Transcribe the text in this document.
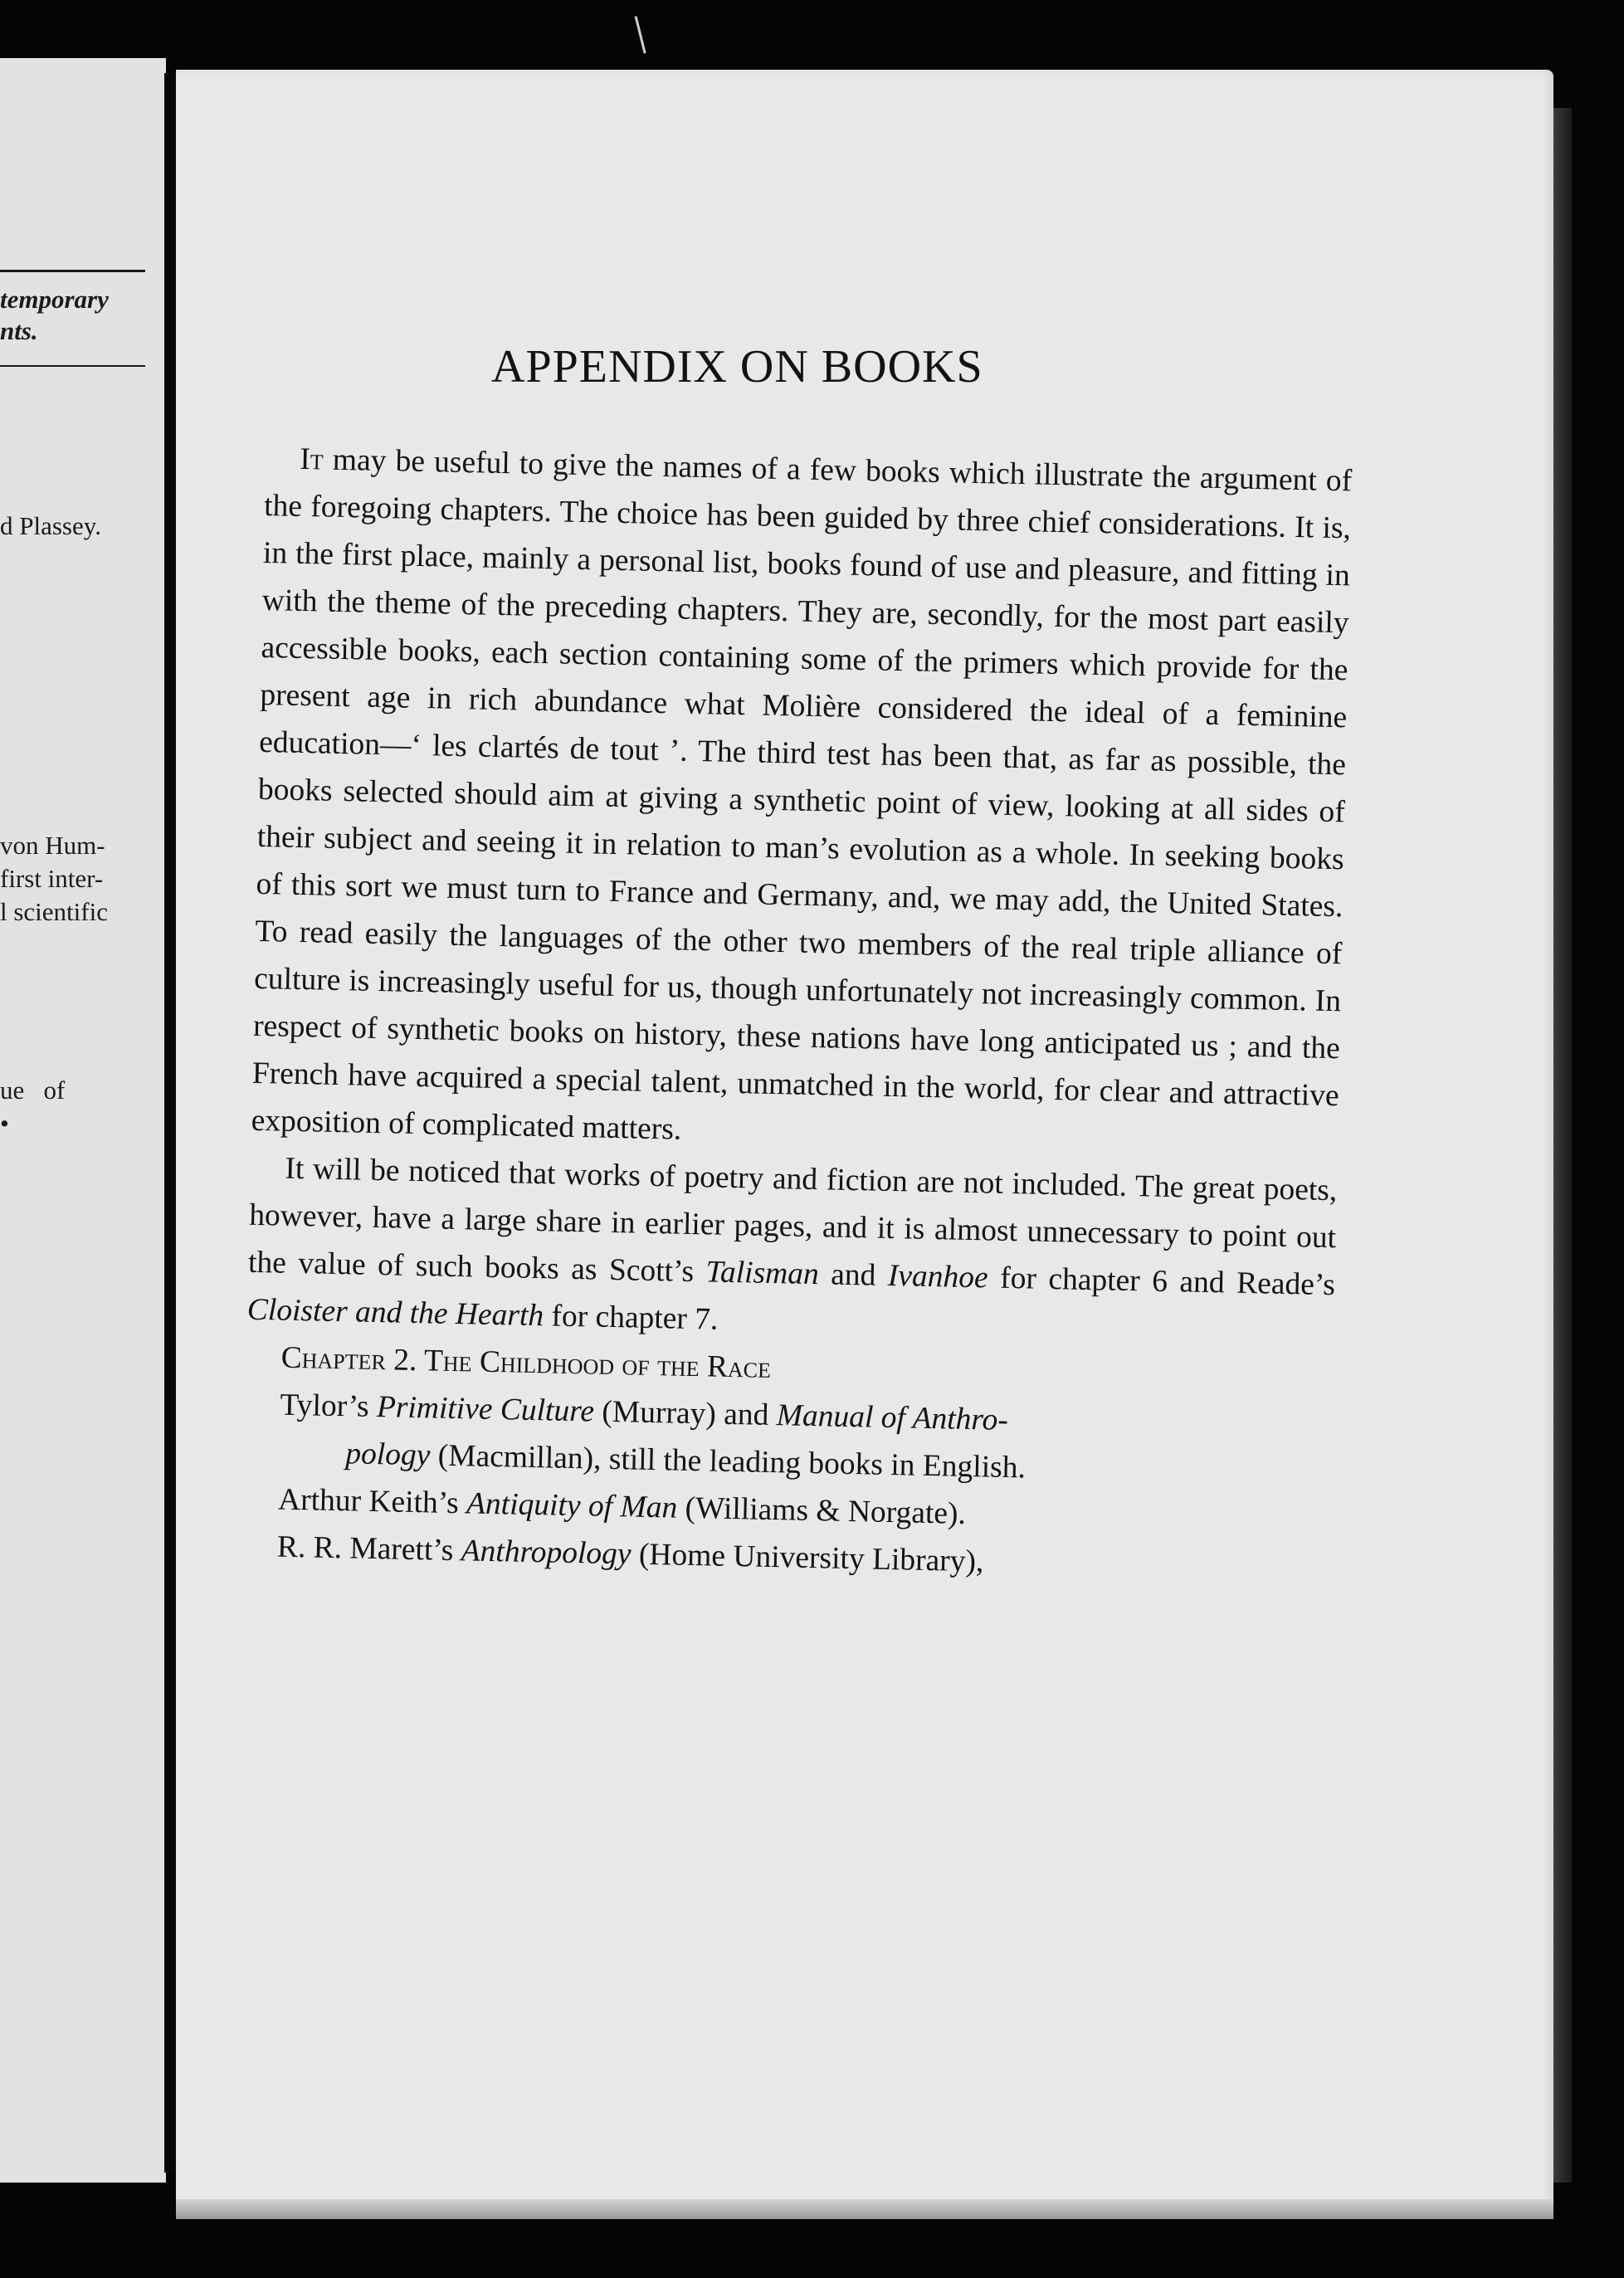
temporary
nts.
d Plassey.
von Hum-
first inter-
l scientific
ue   of
•
APPENDIX ON BOOKS

It may be useful to give the names of a few books which illustrate the argument of the foregoing chapters. The choice has been guided by three chief considerations. It is, in the first place, mainly a personal list, books found of use and pleasure, and fitting in with the theme of the preceding chapters. They are, secondly, for the most part easily accessible books, each section containing some of the primers which provide for the present age in rich abundance what Molière considered the ideal of a feminine education—‘ les clartés de tout ’. The third test has been that, as far as possible, the books selected should aim at giving a synthetic point of view, looking at all sides of their subject and seeing it in relation to man’s evolution as a whole. In seeking books of this sort we must turn to France and Germany, and, we may add, the United States. To read easily the languages of the other two members of the real triple alliance of culture is increasingly useful for us, though unfortunately not increasingly common. In respect of synthetic books on history, these nations have long anticipated us ; and the French have acquired a special talent, unmatched in the world, for clear and attractive exposition of complicated matters.

It will be noticed that works of poetry and fiction are not included. The great poets, however, have a large share in earlier pages, and it is almost unnecessary to point out the value of such books as Scott’s Talisman and Ivanhoe for chapter 6 and Reade’s Cloister and the Hearth for chapter 7.

Chapter 2. The Childhood of the Race

Tylor’s Primitive Culture (Murray) and Manual of Anthro-
pology (Macmillan), still the leading books in English.

Arthur Keith’s Antiquity of Man (Williams & Norgate).

R. R. Marett’s Anthropology (Home University Library),
